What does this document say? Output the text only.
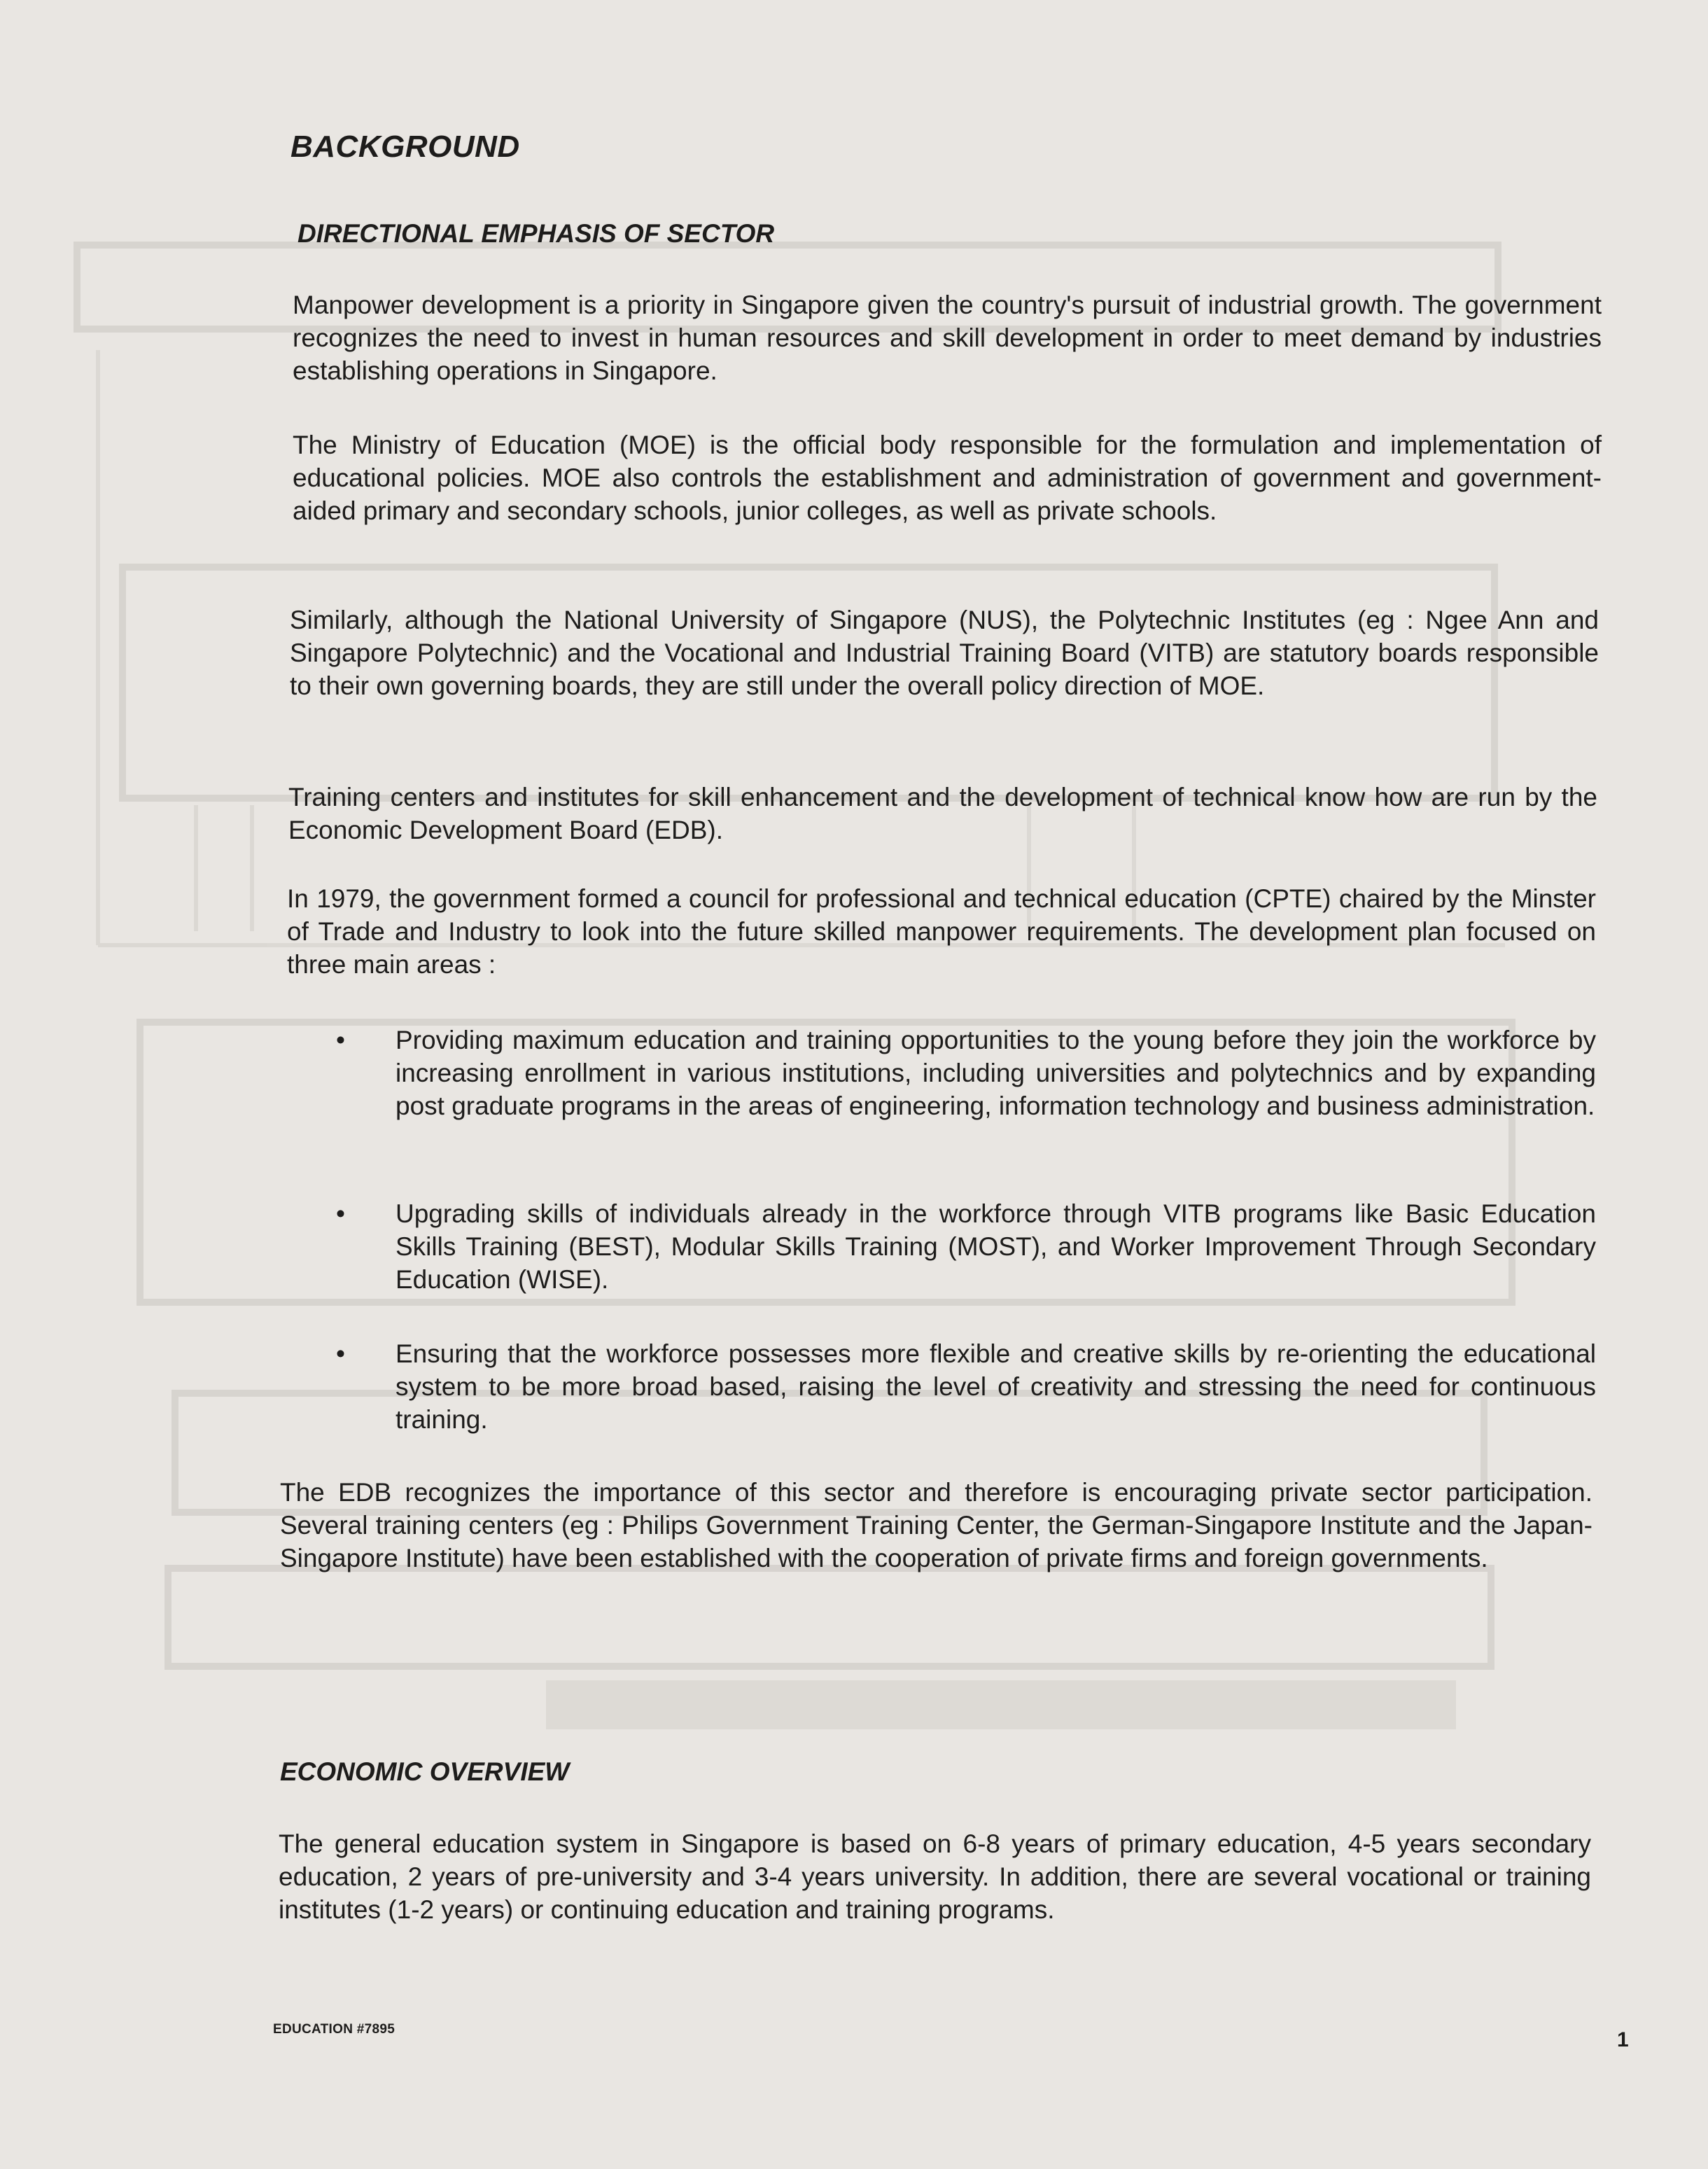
BACKGROUND
DIRECTIONAL EMPHASIS OF SECTOR

Manpower development is a priority in Singapore given the country's pursuit of industrial growth. The government recognizes the need to invest in human resources and skill development in order to meet demand by industries establishing operations in Singapore.

The Ministry of Education (MOE) is the official body responsible for the formulation and implementation of educational policies. MOE also controls the establishment and administration of government and government-aided primary and secondary schools, junior colleges, as well as private schools.

Similarly, although the National University of Singapore (NUS), the Polytechnic Institutes (eg : Ngee Ann and Singapore Polytechnic) and the Vocational and Industrial Training Board (VITB) are statutory boards responsible to their own governing boards, they are still under the overall policy direction of MOE.

Training centers and institutes for skill enhancement and the development of technical know how are run by the Economic Development Board (EDB).

In 1979, the government formed a council for professional and technical education (CPTE) chaired by the Minster of Trade and Industry to look into the future skilled manpower requirements. The development plan focused on three main areas :

• Providing maximum education and training opportunities to the young before they join the workforce by increasing enrollment in various institutions, including universities and polytechnics and by expanding post graduate programs in the areas of engineering, information technology and business administration.

• Upgrading skills of individuals already in the workforce through VITB programs like Basic Education Skills Training (BEST), Modular Skills Training (MOST), and Worker Improvement Through Secondary Education (WISE).

• Ensuring that the workforce possesses more flexible and creative skills by re-orienting the educational system to be more broad based, raising the level of creativity and stressing the need for continuous training.

The EDB recognizes the importance of this sector and therefore is encouraging private sector participation. Several training centers (eg : Philips Government Training Center, the German-Singapore Institute and the Japan-Singapore Institute) have been established with the cooperation of private firms and foreign governments.

ECONOMIC OVERVIEW

The general education system in Singapore is based on 6-8 years of primary education, 4-5 years secondary education, 2 years of pre-university and 3-4 years university. In addition, there are several vocational or training institutes (1-2 years) or continuing education and training programs.

EDUCATION #7895	1
